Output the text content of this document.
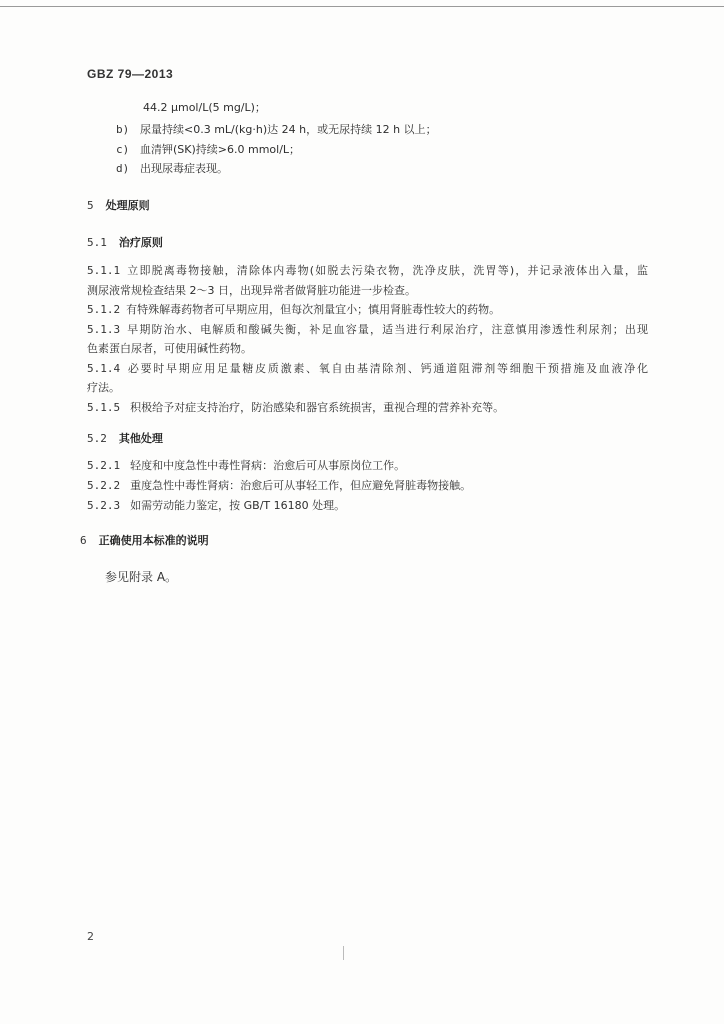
GBZ 79—2013
44.2 μmol/L(5 mg/L)；
b) 尿量持续<0.3 mL/(kg·h)达 24 h，或无尿持续 12 h 以上；
c) 血清钾(SK)持续>6.0 mmol/L；
d) 出现尿毒症表现。
5 处理原则
5.1 治疗原则
5.1.1 立即脱离毒物接触，清除体内毒物(如脱去污染衣物，洗净皮肤，洗胃等)，并记录液体出入量，监
测尿液常规检查结果 2～3 日，出现异常者做肾脏功能进一步检查。
5.1.2 有特殊解毒药物者可早期应用，但每次剂量宜小；慎用肾脏毒性较大的药物。
5.1.3 早期防治水、电解质和酸碱失衡，补足血容量，适当进行利尿治疗，注意慎用渗透性利尿剂；出现
色素蛋白尿者，可使用碱性药物。
5.1.4 必要时早期应用足量糖皮质激素、氧自由基清除剂、钙通道阻滞剂等细胞干预措施及血液净化
疗法。
5.1.5 积极给予对症支持治疗，防治感染和器官系统损害，重视合理的营养补充等。
5.2 其他处理
5.2.1 轻度和中度急性中毒性肾病：治愈后可从事原岗位工作。
5.2.2 重度急性中毒性肾病：治愈后可从事轻工作，但应避免肾脏毒物接触。
5.2.3 如需劳动能力鉴定，按 GB/T 16180 处理。
6 正确使用本标准的说明
参见附录 A。
2
